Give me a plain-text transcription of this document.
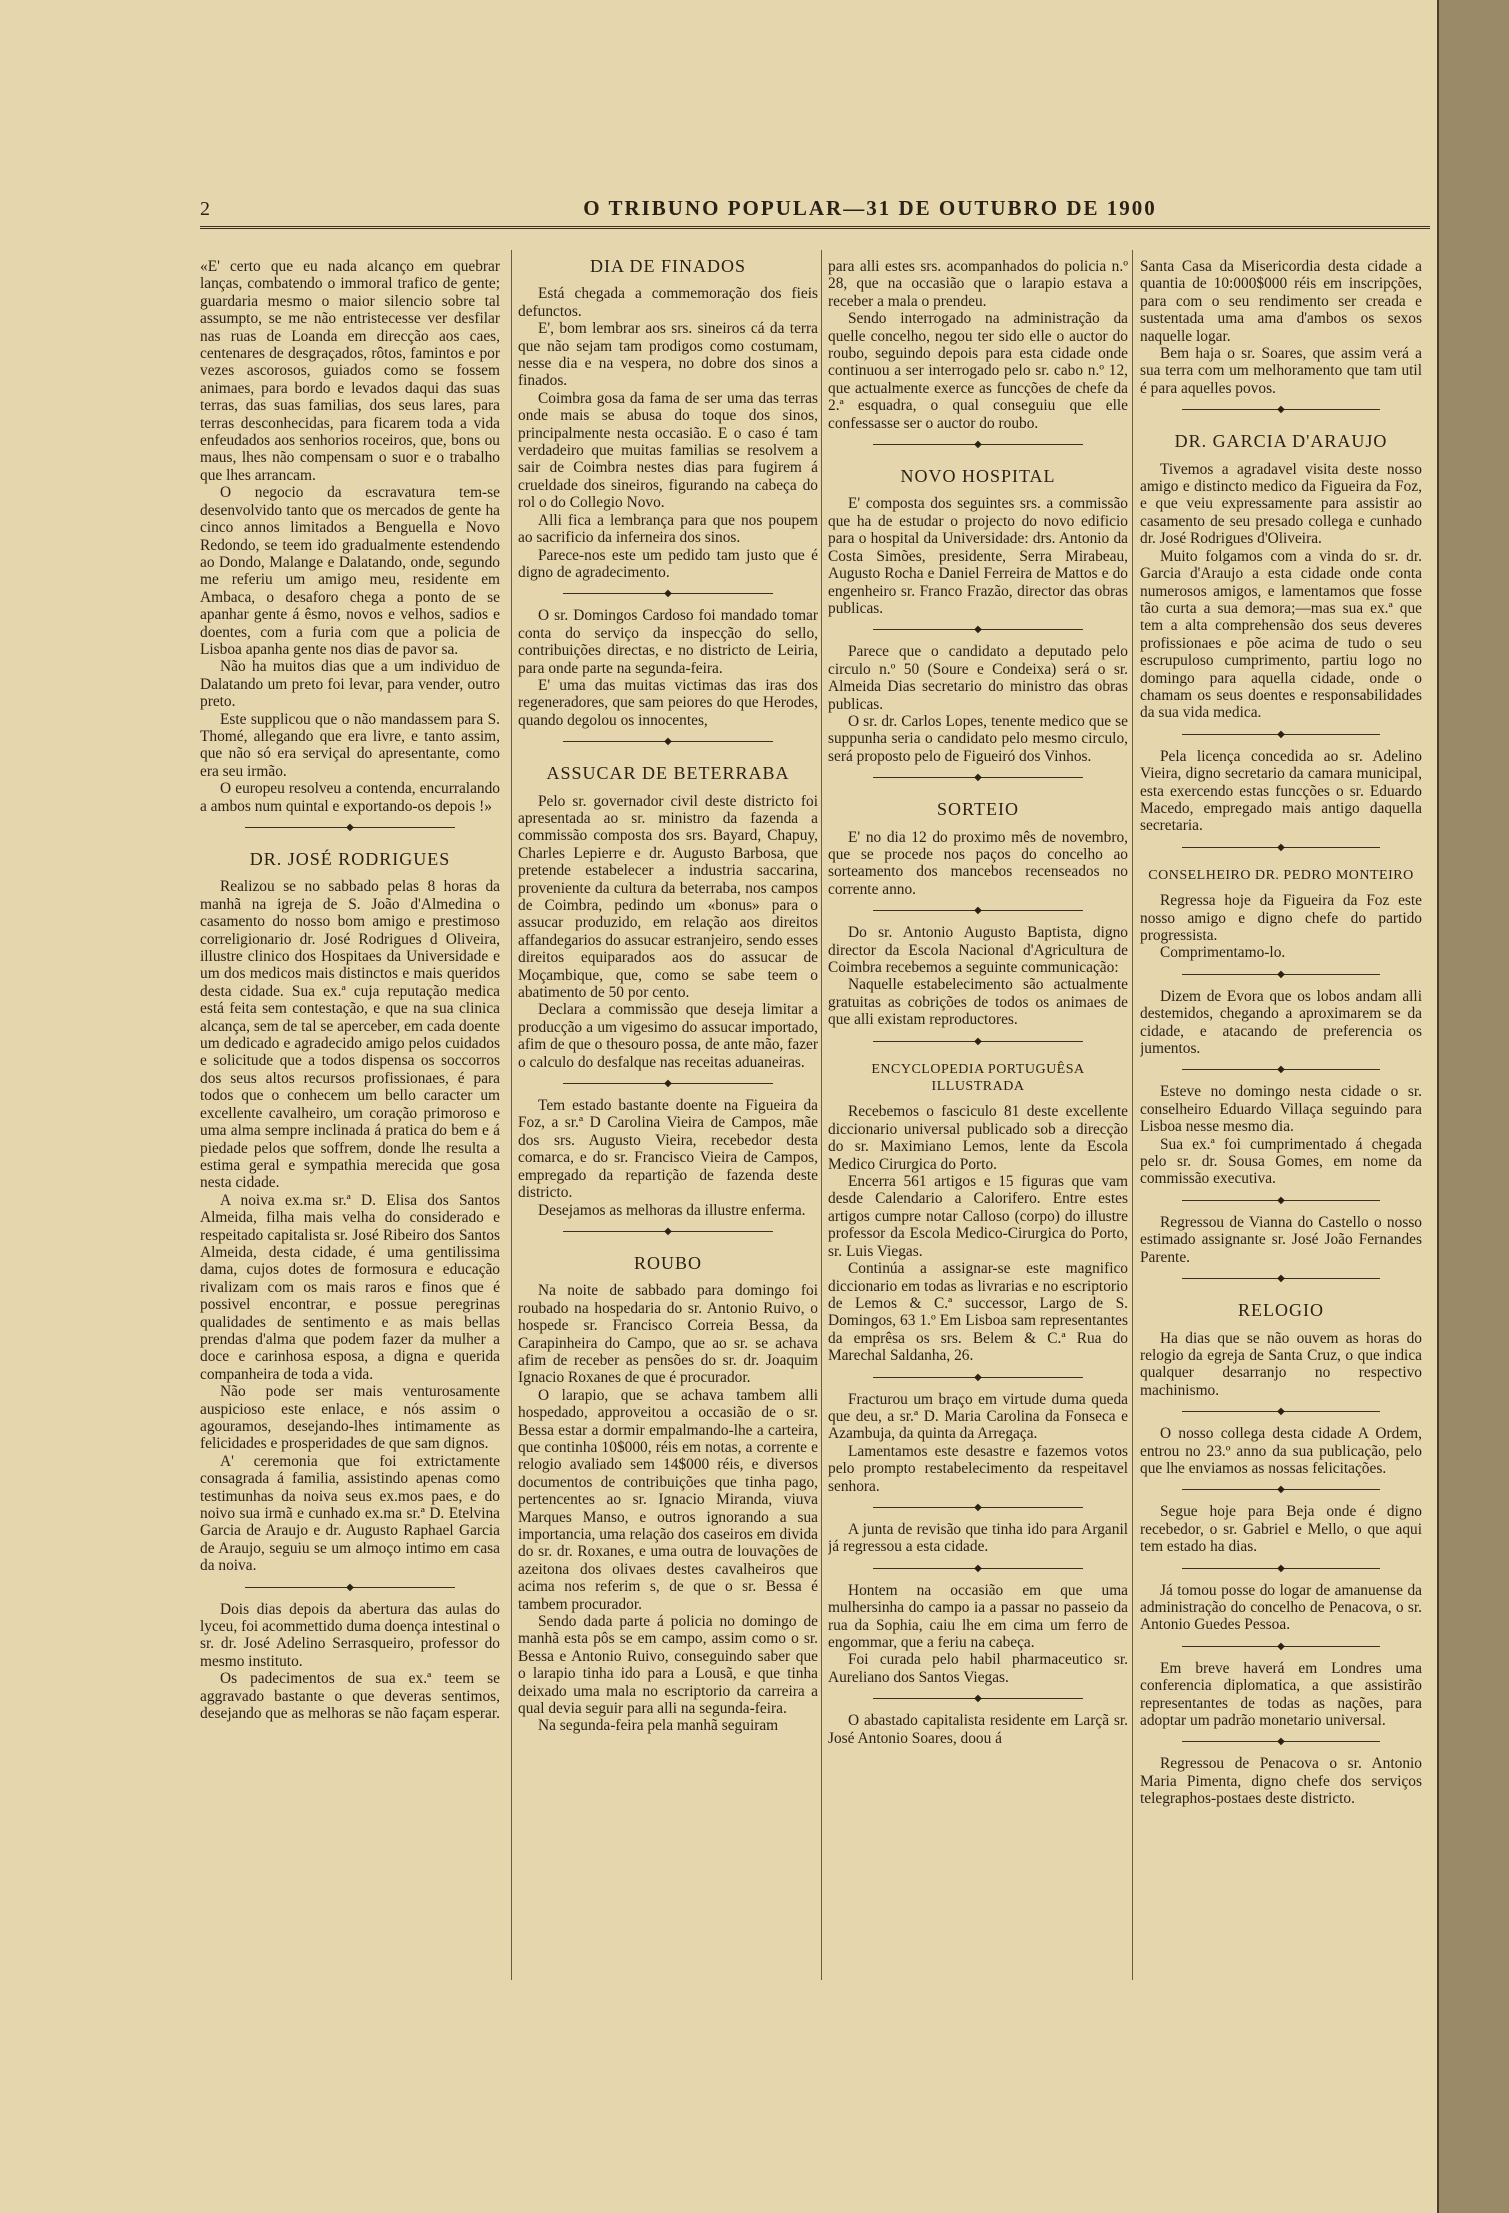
2	O TRIBUNO POPULAR—31 DE OUTUBRO DE 1900

«E' certo que eu nada alcanço em quebrar lanças, combatendo o immoral trafico de gente; guardaria mesmo o maior silencio sobre tal assumpto, se me não entristecesse ver desfilar nas ruas de Loanda em direcção aos caes, centenares de desgraçados, rôtos, famintos e por vezes ascorosos, guiados como se fossem animaes, para bordo e levados daqui das suas terras, das suas familias, dos seus lares, para terras desconhecidas, para ficarem toda a vida enfeudados aos senhorios roceiros, que, bons ou maus, lhes não compensam o suor e o trabalho que lhes arrancam.

O negocio da escravatura tem-se desenvolvido tanto que os mercados de gente ha cinco annos limitados a Benguella e Novo Redondo, se teem ido gradualmente estendendo ao Dondo, Malange e Dalatando, onde, segundo me referiu um amigo meu, residente em Ambaca, o desaforo chega a ponto de se apanhar gente á êsmo, novos e velhos, sadios e doentes, com a furia com que a policia de Lisboa apanha gente nos dias de pavor sa.

Não ha muitos dias que a um individuo de Dalatando um preto foi levar, para vender, outro preto.

Este supplicou que o não mandassem para S. Thomé, allegando que era livre, e tanto assim, que não só era serviçal do apresentante, como era seu irmão.

O europeu resolveu a contenda, encurralando a ambos num quintal e exportando-os depois !»

◆
DR. JOSÉ RODRIGUES

Realizou se no sabbado pelas 8 horas da manhã na igreja de S. João d'Almedina o casamento do nosso bom amigo e prestimoso correligionario dr. José Rodrigues d Oliveira, illustre clinico dos Hospitaes da Universidade e um dos medicos mais distinctos e mais queridos desta cidade. Sua ex.ª cuja reputação medica está feita sem contestação, e que na sua clinica alcança, sem de tal se aperceber, em cada doente um dedicado e agradecido amigo pelos cuidados e solicitude que a todos dispensa os soccorros dos seus altos recursos profissionaes, é para todos que o conhecem um bello caracter um excellente cavalheiro, um coração primoroso e uma alma sempre inclinada á pratica do bem e á piedade pelos que soffrem, donde lhe resulta a estima geral e sympathia merecida que gosa nesta cidade.

A noiva ex.ma sr.ª D. Elisa dos Santos Almeida, filha mais velha do considerado e respeitado capitalista sr. José Ribeiro dos Santos Almeida, desta cidade, é uma gentilissima dama, cujos dotes de formosura e educação rivalizam com os mais raros e finos que é possivel encontrar, e possue peregrinas qualidades de sentimento e as mais bellas prendas d'alma que podem fazer da mulher a doce e carinhosa esposa, a digna e querida companheira de toda a vida.

Não pode ser mais venturosamente auspicioso este enlace, e nós assim o agouramos, desejando-lhes intimamente as felicidades e prosperidades de que sam dignos.

A' ceremonia que foi extrictamente consagrada á familia, assistindo apenas como testimunhas da noiva seus ex.mos paes, e do noivo sua irmã e cunhado ex.ma sr.ª D. Etelvina Garcia de Araujo e dr. Augusto Raphael Garcia de Araujo, seguiu se um almoço intimo em casa da noiva.

◆

Dois dias depois da abertura das aulas do lyceu, foi acommettido duma doença intestinal o sr. dr. José Adelino Serrasqueiro, professor do mesmo instituto.

Os padecimentos de sua ex.ª teem se aggravado bastante o que deveras sentimos, desejando que as melhoras se não façam esperar.

DIA DE FINADOS

Está chegada a commemoração dos fieis defunctos.

E', bom lembrar aos srs. sineiros cá da terra que não sejam tam prodigos como costumam, nesse dia e na vespera, no dobre dos sinos a finados.

Coimbra gosa da fama de ser uma das terras onde mais se abusa do toque dos sinos, principalmente nesta occasião. E o caso é tam verdadeiro que muitas familias se resolvem a sair de Coimbra nestes dias para fugirem á crueldade dos sineiros, figurando na cabeça do rol o do Collegio Novo.

Alli fica a lembrança para que nos poupem ao sacrificio da inferneira dos sinos.

Parece-nos este um pedido tam justo que é digno de agradecimento.

◆

O sr. Domingos Cardoso foi mandado tomar conta do serviço da inspecção do sello, contribuições directas, e no districto de Leiria, para onde parte na segunda-feira.

E' uma das muitas victimas das iras dos regeneradores, que sam peiores do que Herodes, quando degolou os innocentes,

◆
ASSUCAR DE BETERRABA

Pelo sr. governador civil deste districto foi apresentada ao sr. ministro da fazenda a commissão composta dos srs. Bayard, Chapuy, Charles Lepierre e dr. Augusto Barbosa, que pretende estabelecer a industria saccarina, proveniente da cultura da beterraba, nos campos de Coimbra, pedindo um «bonus» para o assucar produzido, em relação aos direitos affandegarios do assucar estranjeiro, sendo esses direitos equiparados aos do assucar de Moçambique, que, como se sabe teem o abatimento de 50 por cento.

Declara a commissão que deseja limitar a producção a um vigesimo do assucar importado, afim de que o thesouro possa, de ante mão, fazer o calculo do desfalque nas receitas aduaneiras.

◆

Tem estado bastante doente na Figueira da Foz, a sr.ª D Carolina Vieira de Campos, mãe dos srs. Augusto Vieira, recebedor desta comarca, e do sr. Francisco Vieira de Campos, empregado da repartição de fazenda deste districto.

Desejamos as melhoras da illustre enferma.

◆
ROUBO

Na noite de sabbado para domingo foi roubado na hospedaria do sr. Antonio Ruivo, o hospede sr. Francisco Correia Bessa, da Carapinheira do Campo, que ao sr. se achava afim de receber as pensões do sr. dr. Joaquim Ignacio Roxanes de que é procurador.

O larapio, que se achava tambem alli hospedado, approveitou a occasião de o sr. Bessa estar a dormir empalmando-lhe a carteira, que continha 10$000, réis em notas, a corrente e relogio avaliado sem 14$000 réis, e diversos documentos de contribuições que tinha pago, pertencentes ao sr. Ignacio Miranda, viuva Marques Manso, e outros ignorando a sua importancia, uma relação dos caseiros em divida do sr. dr. Roxanes, e uma outra de louvações de azeitona dos olivaes destes cavalheiros que acima nos referim s, de que o sr. Bessa é tambem procurador.

Sendo dada parte á policia no domingo de manhã esta pôs se em campo, assim como o sr. Bessa e Antonio Ruivo, conseguindo saber que o larapio tinha ido para a Lousã, e que tinha deixado uma mala no escriptorio da carreira a qual devia seguir para alli na segunda-feira.

Na segunda-feira pela manhã seguiram

para alli estes srs. acompanhados do policia n.º 28, que na occasião que o larapio estava a receber a mala o prendeu.

Sendo interrogado na administração da quelle concelho, negou ter sido elle o auctor do roubo, seguindo depois para esta cidade onde continuou a ser interrogado pelo sr. cabo n.º 12, que actualmente exerce as funcções de chefe da 2.ª esquadra, o qual conseguiu que elle confessasse ser o auctor do roubo.

◆
NOVO HOSPITAL

E' composta dos seguintes srs. a commissão que ha de estudar o projecto do novo edificio para o hospital da Universidade: drs. Antonio da Costa Simões, presidente, Serra Mirabeau, Augusto Rocha e Daniel Ferreira de Mattos e do engenheiro sr. Franco Frazão, director das obras publicas.

◆

Parece que o candidato a deputado pelo circulo n.º 50 (Soure e Condeixa) será o sr. Almeida Dias secretario do ministro das obras publicas.

O sr. dr. Carlos Lopes, tenente medico que se suppunha seria o candidato pelo mesmo circulo, será proposto pelo de Figueiró dos Vinhos.

◆
SORTEIO

E' no dia 12 do proximo mês de novembro, que se procede nos paços do concelho ao sorteamento dos mancebos recenseados no corrente anno.

◆

Do sr. Antonio Augusto Baptista, digno director da Escola Nacional d'Agricultura de Coimbra recebemos a seguinte communicação:

Naquelle estabelecimento são actualmente gratuitas as cobrições de todos os animaes de que alli existam reproductores.

◆
ENCYCLOPEDIA PORTUGUÊSA ILLUSTRADA

Recebemos o fasciculo 81 deste excellente diccionario universal publicado sob a direcção do sr. Maximiano Lemos, lente da Escola Medico Cirurgica do Porto.

Encerra 561 artigos e 15 figuras que vam desde Calendario a Calorifero. Entre estes artigos cumpre notar Calloso (corpo) do illustre professor da Escola Medico-Cirurgica do Porto, sr. Luis Viegas.

Continúa a assignar-se este magnifico diccionario em todas as livrarias e no escriptorio de Lemos & C.ª successor, Largo de S. Domingos, 63 1.º Em Lisboa sam representantes da emprêsa os srs. Belem & C.ª Rua do Marechal Saldanha, 26.

◆

Fracturou um braço em virtude duma queda que deu, a sr.ª D. Maria Carolina da Fonseca e Azambuja, da quinta da Arregaça.

Lamentamos este desastre e fazemos votos pelo prompto restabelecimento da respeitavel senhora.

◆

A junta de revisão que tinha ido para Arganil já regressou a esta cidade.

◆

Hontem na occasião em que uma mulhersinha do campo ia a passar no passeio da rua da Sophia, caiu lhe em cima um ferro de engommar, que a feriu na cabeça.

Foi curada pelo habil pharmaceutico sr. Aureliano dos Santos Viegas.

◆

O abastado capitalista residente em Larçã sr. José Antonio Soares, doou á

Santa Casa da Misericordia desta cidade a quantia de 10:000$000 réis em inscripções, para com o seu rendimento ser creada e sustentada uma ama d'ambos os sexos naquelle logar.

Bem haja o sr. Soares, que assim verá a sua terra com um melhoramento que tam util é para aquelles povos.

◆
DR. GARCIA D'ARAUJO

Tivemos a agradavel visita deste nosso amigo e distincto medico da Figueira da Foz, e que veiu expressamente para assistir ao casamento de seu presado collega e cunhado dr. José Rodrigues d'Oliveira.

Muito folgamos com a vinda do sr. dr. Garcia d'Araujo a esta cidade onde conta numerosos amigos, e lamentamos que fosse tão curta a sua demora;—mas sua ex.ª que tem a alta comprehensão dos seus deveres profissionaes e põe acima de tudo o seu escrupuloso cumprimento, partiu logo no domingo para aquella cidade, onde o chamam os seus doentes e responsabilidades da sua vida medica.

◆

Pela licença concedida ao sr. Adelino Vieira, digno secretario da camara municipal, esta exercendo estas funcções o sr. Eduardo Macedo, empregado mais antigo daquella secretaria.

◆
CONSELHEIRO DR. PEDRO MONTEIRO

Regressa hoje da Figueira da Foz este nosso amigo e digno chefe do partido progressista.

Comprimentamo-lo.

◆

Dizem de Evora que os lobos andam alli destemidos, chegando a aproximarem se da cidade, e atacando de preferencia os jumentos.

◆

Esteve no domingo nesta cidade o sr. conselheiro Eduardo Villaça seguindo para Lisboa nesse mesmo dia.

Sua ex.ª foi cumprimentado á chegada pelo sr. dr. Sousa Gomes, em nome da commissão executiva.

◆

Regressou de Vianna do Castello o nosso estimado assignante sr. José João Fernandes Parente.

◆
RELOGIO

Ha dias que se não ouvem as horas do relogio da egreja de Santa Cruz, o que indica qualquer desarranjo no respectivo machinismo.

◆

O nosso collega desta cidade A Ordem, entrou no 23.º anno da sua publicação, pelo que lhe enviamos as nossas felicitações.

◆

Segue hoje para Beja onde é digno recebedor, o sr. Gabriel e Mello, o que aqui tem estado ha dias.

◆

Já tomou posse do logar de amanuense da administração do concelho de Penacova, o sr. Antonio Guedes Pessoa.

◆

Em breve haverá em Londres uma conferencia diplomatica, a que assistirão representantes de todas as nações, para adoptar um padrão monetario universal.

◆

Regressou de Penacova o sr. Antonio Maria Pimenta, digno chefe dos serviços telegraphos-postaes deste districto.
